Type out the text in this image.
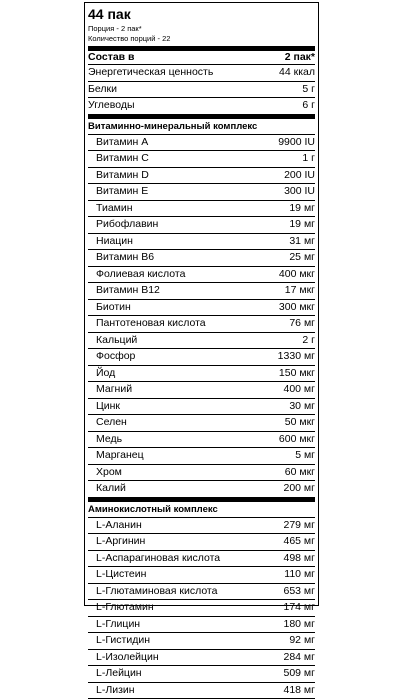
44 пак
Порция - 2 пак*
Количество порций - 22
Состав в	2 пак*
Энергетическая ценность	44 ккал
Белки	5 г
Углеводы	6 г
Витаминно-минеральный комплекс
Витамин A	9900 IU
Витамин C	1 г
Витамин D	200 IU
Витамин E	300 IU
Тиамин	19 мг
Рибофлавин	19 мг
Ниацин	31 мг
Витамин B6	25 мг
Фолиевая кислота	400 мкг
Витамин B12	17 мкг
Биотин	300 мкг
Пантотеновая кислота	76 мг
Кальций	2 г
Фосфор	1330 мг
Йод	150 мкг
Магний	400 мг
Цинк	30 мг
Селен	50 мкг
Медь	600 мкг
Марганец	5 мг
Хром	60 мкг
Калий	200 мг
Аминокислотный комплекс
L-Аланин	279 мг
L-Аргинин	465 мг
L-Аспарагиновая кислота	498 мг
L-Цистеин	110 мг
L-Глютаминовая кислота	653 мг
L-Глютамин	174 мг
L-Глицин	180 мг
L-Гистидин	92 мг
L-Изолейцин	284 мг
L-Лейцин	509 мг
L-Лизин	418 мг
